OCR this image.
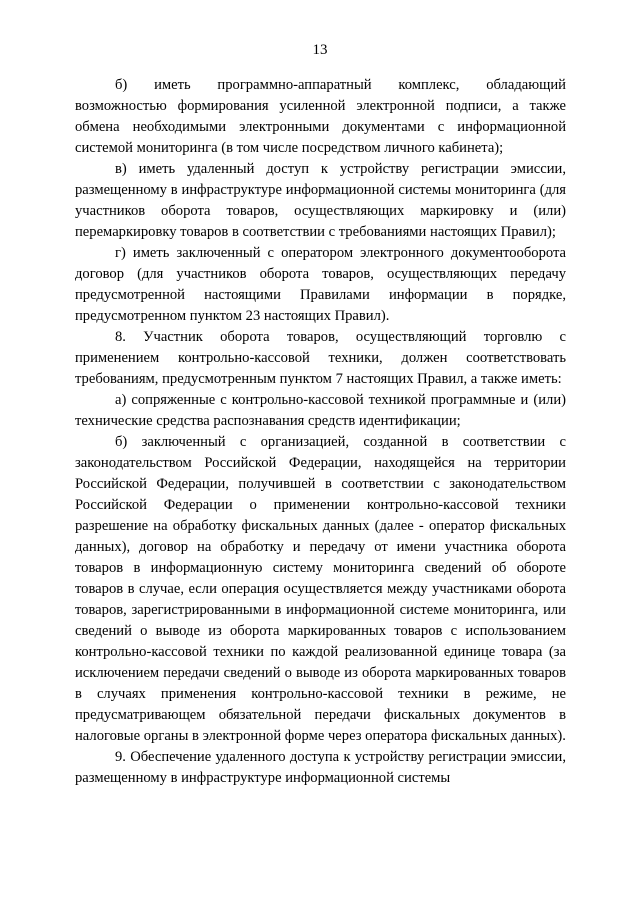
13

б) иметь программно-аппаратный комплекс, обладающий возможностью формирования усиленной электронной подписи, а также обмена необходимыми электронными документами с информационной системой мониторинга (в том числе посредством личного кабинета);

в) иметь удаленный доступ к устройству регистрации эмиссии, размещенному в инфраструктуре информационной системы мониторинга (для участников оборота товаров, осуществляющих маркировку и (или) перемаркировку товаров в соответствии с требованиями настоящих Правил);

г) иметь заключенный с оператором электронного документооборота договор (для участников оборота товаров, осуществляющих передачу предусмотренной настоящими Правилами информации в порядке, предусмотренном пунктом 23 настоящих Правил).

8. Участник оборота товаров, осуществляющий торговлю с применением контрольно-кассовой техники, должен соответствовать требованиям, предусмотренным пунктом 7 настоящих Правил, а также иметь:

а) сопряженные с контрольно-кассовой техникой программные и (или) технические средства распознавания средств идентификации;

б) заключенный с организацией, созданной в соответствии с законодательством Российской Федерации, находящейся на территории Российской Федерации, получившей в соответствии с законодательством Российской Федерации о применении контрольно-кассовой техники разрешение на обработку фискальных данных (далее - оператор фискальных данных), договор на обработку и передачу от имени участника оборота товаров в информационную систему мониторинга сведений об обороте товаров в случае, если операция осуществляется между участниками оборота товаров, зарегистрированными в информационной системе мониторинга, или сведений о выводе из оборота маркированных товаров с использованием контрольно-кассовой техники по каждой реализованной единице товара (за исключением передачи сведений о выводе из оборота маркированных товаров в случаях применения контрольно-кассовой техники в режиме, не предусматривающем обязательной передачи фискальных документов в налоговые органы в электронной форме через оператора фискальных данных).

9. Обеспечение удаленного доступа к устройству регистрации эмиссии, размещенному в инфраструктуре информационной системы
